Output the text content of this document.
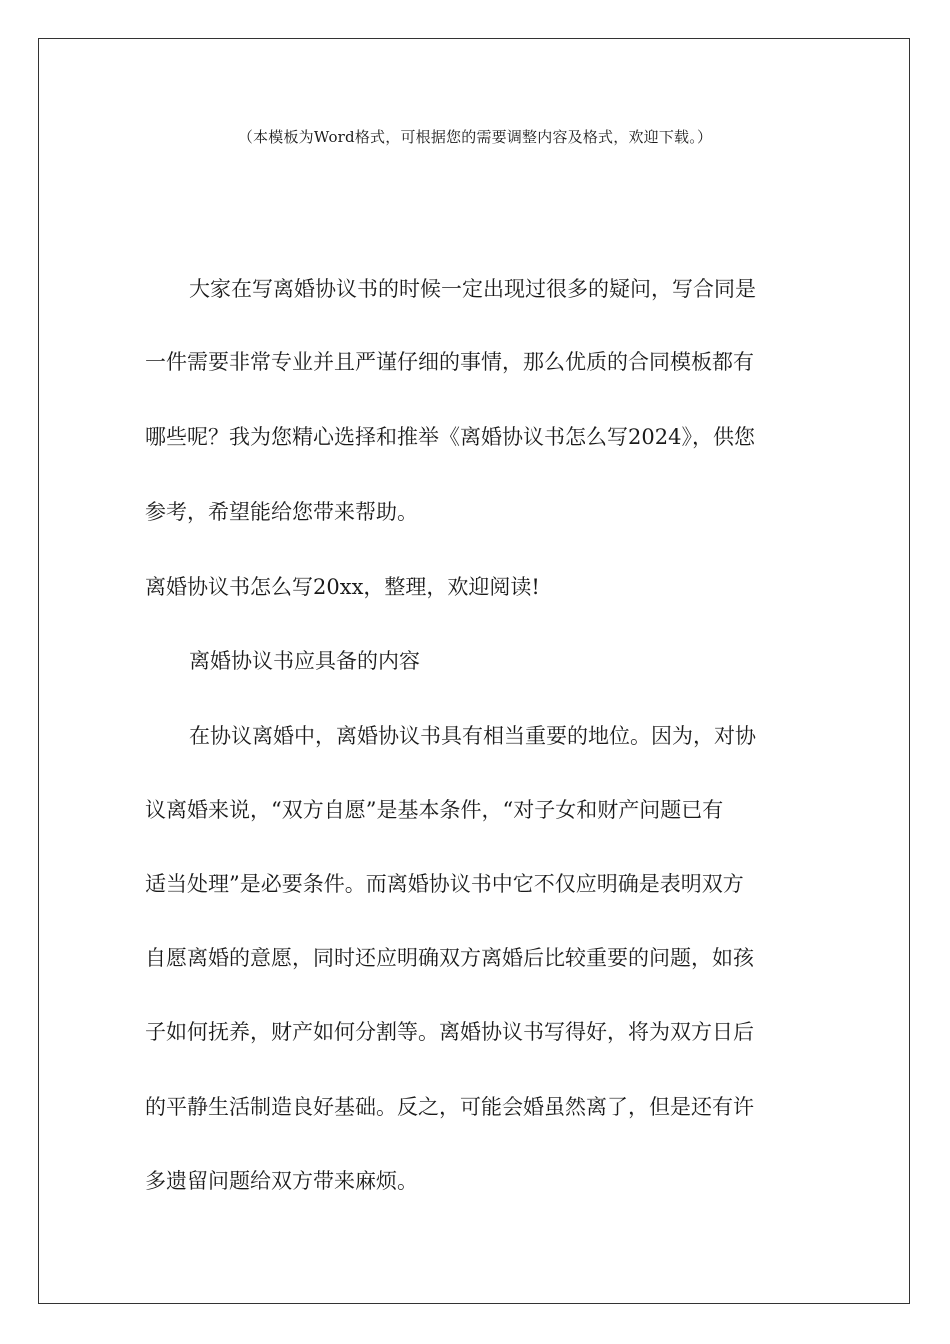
（本模板为Word格式，可根据您的需要调整内容及格式，欢迎下载。）
大家在写离婚协议书的时候一定出现过很多的疑问，写合同是
一件需要非常专业并且严谨仔细的事情，那么优质的合同模板都有
哪些呢？我为您精心选择和推举《离婚协议书怎么写2024》，供您
参考，希望能给您带来帮助。
离婚协议书怎么写20xx，整理，欢迎阅读!
离婚协议书应具备的内容
在协议离婚中，离婚协议书具有相当重要的地位。因为，对协
议离婚来说，“双方自愿”是基本条件，“对子女和财产问题已有
适当处理”是必要条件。而离婚协议书中它不仅应明确是表明双方
自愿离婚的意愿，同时还应明确双方离婚后比较重要的问题，如孩
子如何抚养，财产如何分割等。离婚协议书写得好，将为双方日后
的平静生活制造良好基础。反之，可能会婚虽然离了，但是还有许
多遗留问题给双方带来麻烦。
